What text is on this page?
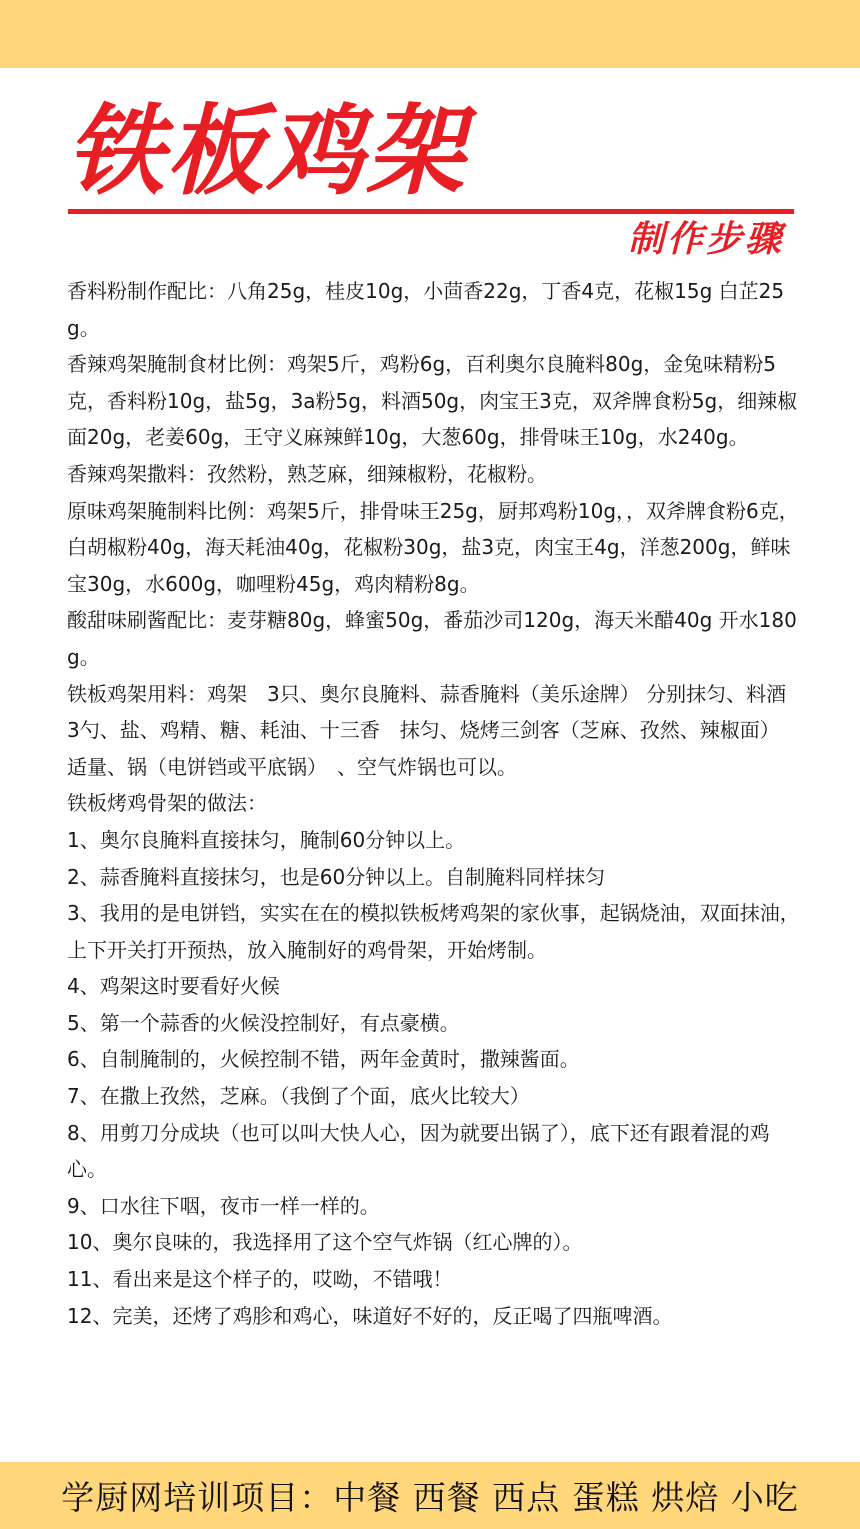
铁板鸡架
制作步骤

香料粉制作配比：八角25g，桂皮10g，小茴香22g，丁香4克，花椒15g 白芷25g。

香辣鸡架腌制食材比例：鸡架5斤，鸡粉6g，百利奥尔良腌料80g，金兔味精粉5克，香料粉10g，盐5g，3a粉5g，料酒50g，肉宝王3克，双斧牌食粉5g，细辣椒面20g，老姜60g，王守义麻辣鲜10g，大葱60g，排骨味王10g，水240g。

香辣鸡架撒料：孜然粉，熟芝麻，细辣椒粉，花椒粉。

原味鸡架腌制料比例：鸡架5斤，排骨味王25g，厨邦鸡粉10g，，双斧牌食粉6克，白胡椒粉40g，海天耗油40g，花椒粉30g，盐3克，肉宝王4g，洋葱200g，鲜味宝30g，水600g，咖哩粉45g，鸡肉精粉8g。

酸甜味刷酱配比：麦芽糖80g，蜂蜜50g，番茄沙司120g，海天米醋40g 开水180g。

铁板鸡架用料：鸡架　3只、奥尔良腌料、蒜香腌料（美乐途牌） 分别抹匀、料酒　 3勺、盐、鸡精、糖、耗油、十三香　抹匀、烧烤三剑客（芝麻、孜然、辣椒面）　 适量、锅（电饼铛或平底锅）　、空气炸锅也可以。

铁板烤鸡骨架的做法：

1、奥尔良腌料直接抹匀，腌制60分钟以上。

2、蒜香腌料直接抹匀，也是60分钟以上。自制腌料同样抹匀

3、我用的是电饼铛，实实在在的模拟铁板烤鸡架的家伙事，起锅烧油，双面抹油，上下开关打开预热，放入腌制好的鸡骨架，开始烤制。

4、鸡架这时要看好火候

5、第一个蒜香的火候没控制好，有点豪横。

6、自制腌制的，火候控制不错，两年金黄时，撒辣酱面。

7、在撒上孜然，芝麻。（我倒了个面，底火比较大）

8、用剪刀分成块（也可以叫大快人心，因为就要出锅了），底下还有跟着混的鸡心。

9、口水往下咽，夜市一样一样的。

10、奥尔良味的，我选择用了这个空气炸锅（红心牌的）。

11、看出来是这个样子的，哎呦，不错哦！

12、完美，还烤了鸡胗和鸡心，味道好不好的，反正喝了四瓶啤酒。

学厨网培训项目：中餐 西餐 西点 蛋糕 烘焙 小吃
